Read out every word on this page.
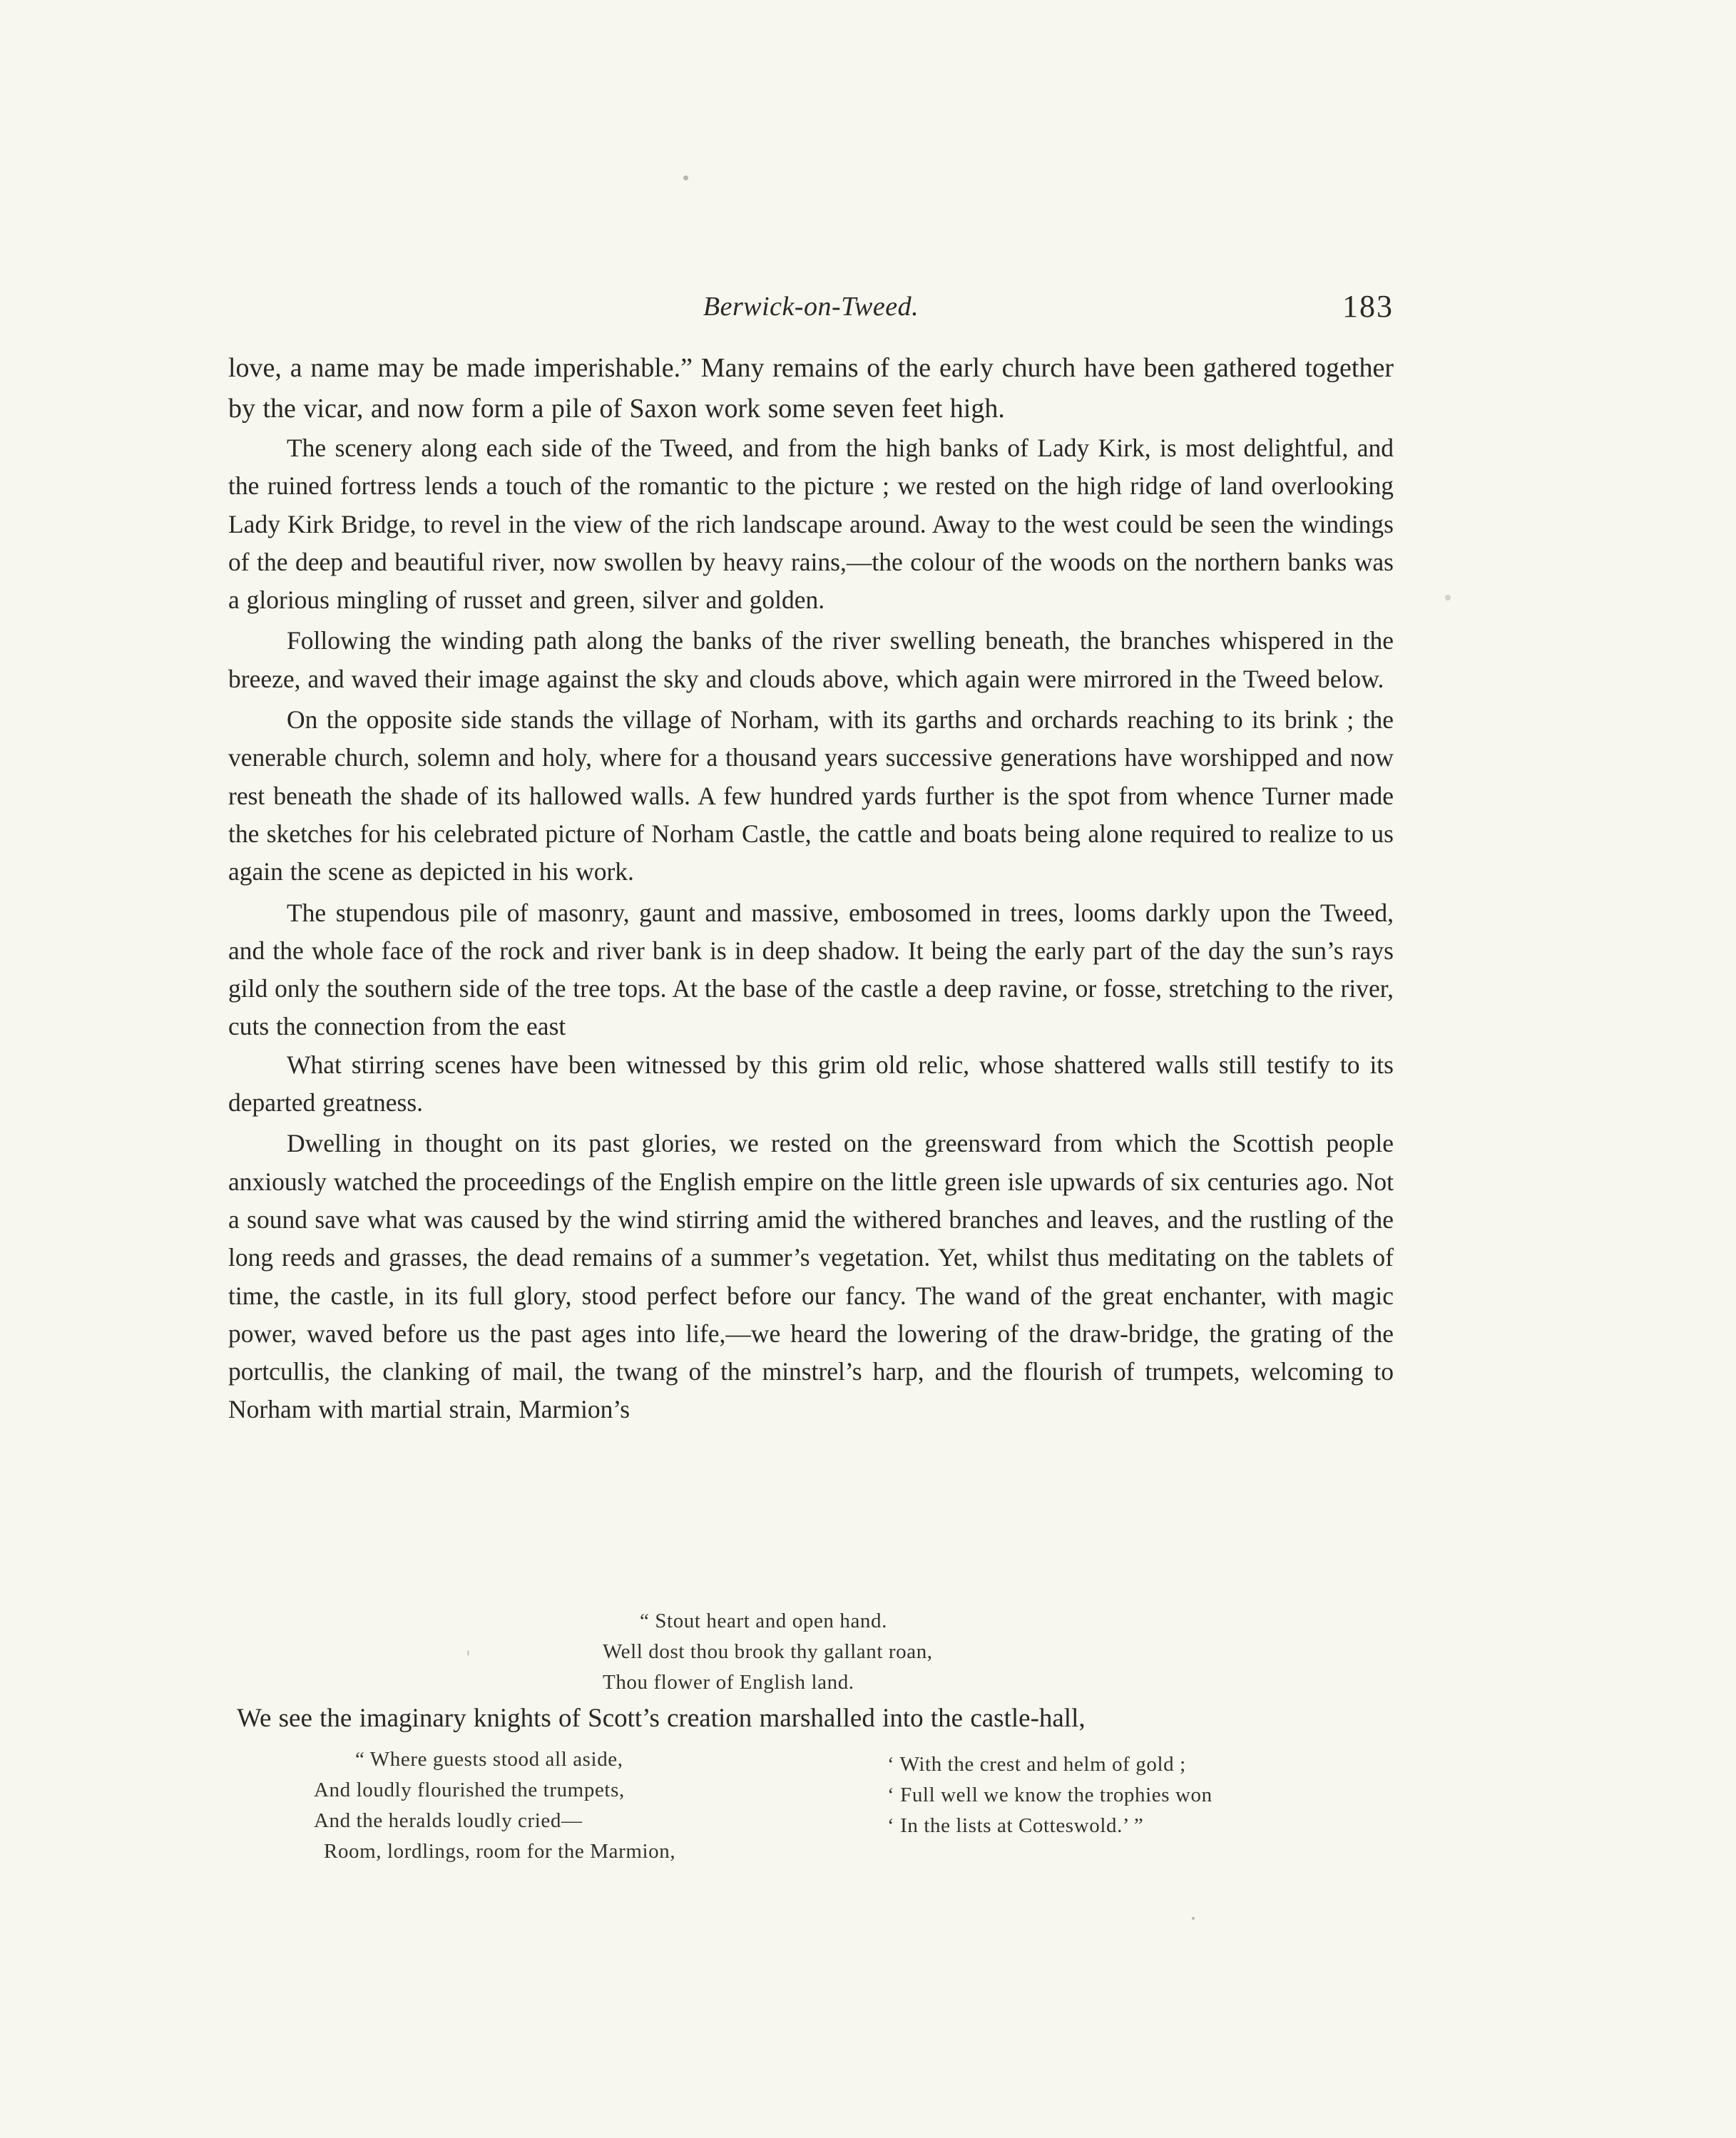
Berwick-on-Tweed.	183

love, a name may be made imperishable.” Many remains of the early church have been gathered together by the vicar, and now form a pile of Saxon work some seven feet high.

The scenery along each side of the Tweed, and from the high banks of Lady Kirk, is most delightful, and the ruined fortress lends a touch of the romantic to the picture ; we rested on the high ridge of land overlooking Lady Kirk Bridge, to revel in the view of the rich landscape around. Away to the west could be seen the windings of the deep and beautiful river, now swollen by heavy rains,—the colour of the woods on the northern banks was a glorious mingling of russet and green, silver and golden.

Following the winding path along the banks of the river swelling beneath, the branches whispered in the breeze, and waved their image against the sky and clouds above, which again were mirrored in the Tweed below.

On the opposite side stands the village of Norham, with its garths and orchards reaching to its brink ; the venerable church, solemn and holy, where for a thousand years successive generations have worshipped and now rest beneath the shade of its hallowed walls. A few hundred yards further is the spot from whence Turner made the sketches for his celebrated picture of Norham Castle, the cattle and boats being alone required to realize to us again the scene as depicted in his work.

The stupendous pile of masonry, gaunt and massive, embosomed in trees, looms darkly upon the Tweed, and the whole face of the rock and river bank is in deep shadow. It being the early part of the day the sun’s rays gild only the southern side of the tree tops. At the base of the castle a deep ravine, or fosse, stretching to the river, cuts the connection from the east

What stirring scenes have been witnessed by this grim old relic, whose shattered walls still testify to its departed greatness.

Dwelling in thought on its past glories, we rested on the greensward from which the Scottish people anxiously watched the proceedings of the English empire on the little green isle upwards of six centuries ago. Not a sound save what was caused by the wind stirring amid the withered branches and leaves, and the rustling of the long reeds and grasses, the dead remains of a summer’s vegetation. Yet, whilst thus meditating on the tablets of time, the castle, in its full glory, stood perfect before our fancy. The wand of the great enchanter, with magic power, waved before us the past ages into life,—we heard the lowering of the draw-bridge, the grating of the portcullis, the clanking of mail, the twang of the minstrel’s harp, and the flourish of trumpets, welcoming to Norham with martial strain, Marmion’s

“ Stout heart and open hand.
Well dost thou brook thy gallant roan,
Thou flower of English land.
We see the imaginary knights of Scott’s creation marshalled into the castle-hall,
“ Where guests stood all aside,
And loudly flourished the trumpets,
And the heralds loudly cried—
Room, lordlings, room for the Marmion,
‘ With the crest and helm of gold ;
‘ Full well we know the trophies won
‘ In the lists at Cotteswold.’ ”
